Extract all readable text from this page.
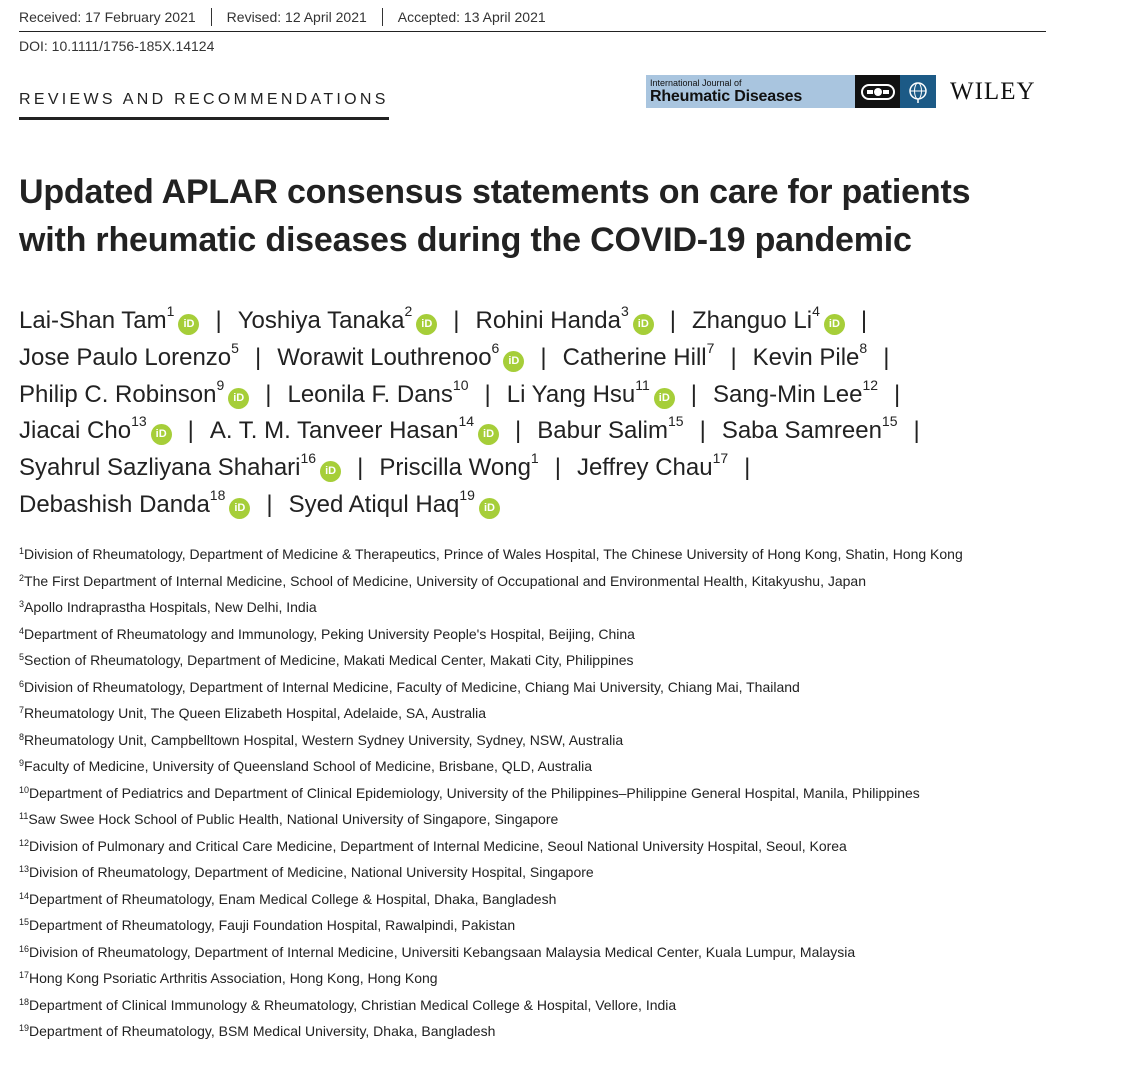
Received: 17 February 2021	Revised: 12 April 2021	Accepted: 13 April 2021
DOI: 10.1111/1756-185X.14124
REVIEWS AND RECOMMENDATIONS
International Journal of
Rheumatic Diseases	WILEY
Updated APLAR consensus statements on care for patients
with rheumatic diseases during the COVID-19 pandemic
Lai-Shan Tam$^1$iD | Yoshiya Tanaka$^2$iD | Rohini Handa$^3$iD | Zhanguo Li$^4$iD |
Jose Paulo Lorenzo$^5$ | Worawit Louthrenoo$^6$iD | Catherine Hill$^7$ | Kevin Pile$^8$ |
Philip C. Robinson$^9$iD | Leonila F. Dans$^{10}$ | Li Yang Hsu$^{11}$iD | Sang-Min Lee$^{12}$ |
Jiacai Cho$^{13}$iD | A. T. M. Tanveer Hasan$^{14}$iD | Babur Salim$^{15}$ | Saba Samreen$^{15}$ |
Syahrul Sazliyana Shahari$^{16}$iD | Priscilla Wong$^1$ | Jeffrey Chau$^{17}$ |
Debashish Danda$^{18}$iD | Syed Atiqul Haq$^{19}$iD
$^1$Division of Rheumatology, Department of Medicine & Therapeutics, Prince of Wales Hospital, The Chinese University of Hong Kong, Shatin, Hong Kong
$^2$The First Department of Internal Medicine, School of Medicine, University of Occupational and Environmental Health, Kitakyushu, Japan
$^3$Apollo Indraprastha Hospitals, New Delhi, India
$^4$Department of Rheumatology and Immunology, Peking University People's Hospital, Beijing, China
$^5$Section of Rheumatology, Department of Medicine, Makati Medical Center, Makati City, Philippines
$^6$Division of Rheumatology, Department of Internal Medicine, Faculty of Medicine, Chiang Mai University, Chiang Mai, Thailand
$^7$Rheumatology Unit, The Queen Elizabeth Hospital, Adelaide, SA, Australia
$^8$Rheumatology Unit, Campbelltown Hospital, Western Sydney University, Sydney, NSW, Australia
$^9$Faculty of Medicine, University of Queensland School of Medicine, Brisbane, QLD, Australia
$^{10}$Department of Pediatrics and Department of Clinical Epidemiology, University of the Philippines–Philippine General Hospital, Manila, Philippines
$^{11}$Saw Swee Hock School of Public Health, National University of Singapore, Singapore
$^{12}$Division of Pulmonary and Critical Care Medicine, Department of Internal Medicine, Seoul National University Hospital, Seoul, Korea
$^{13}$Division of Rheumatology, Department of Medicine, National University Hospital, Singapore
$^{14}$Department of Rheumatology, Enam Medical College & Hospital, Dhaka, Bangladesh
$^{15}$Department of Rheumatology, Fauji Foundation Hospital, Rawalpindi, Pakistan
$^{16}$Division of Rheumatology, Department of Internal Medicine, Universiti Kebangsaan Malaysia Medical Center, Kuala Lumpur, Malaysia
$^{17}$Hong Kong Psoriatic Arthritis Association, Hong Kong, Hong Kong
$^{18}$Department of Clinical Immunology & Rheumatology, Christian Medical College & Hospital, Vellore, India
$^{19}$Department of Rheumatology, BSM Medical University, Dhaka, Bangladesh
